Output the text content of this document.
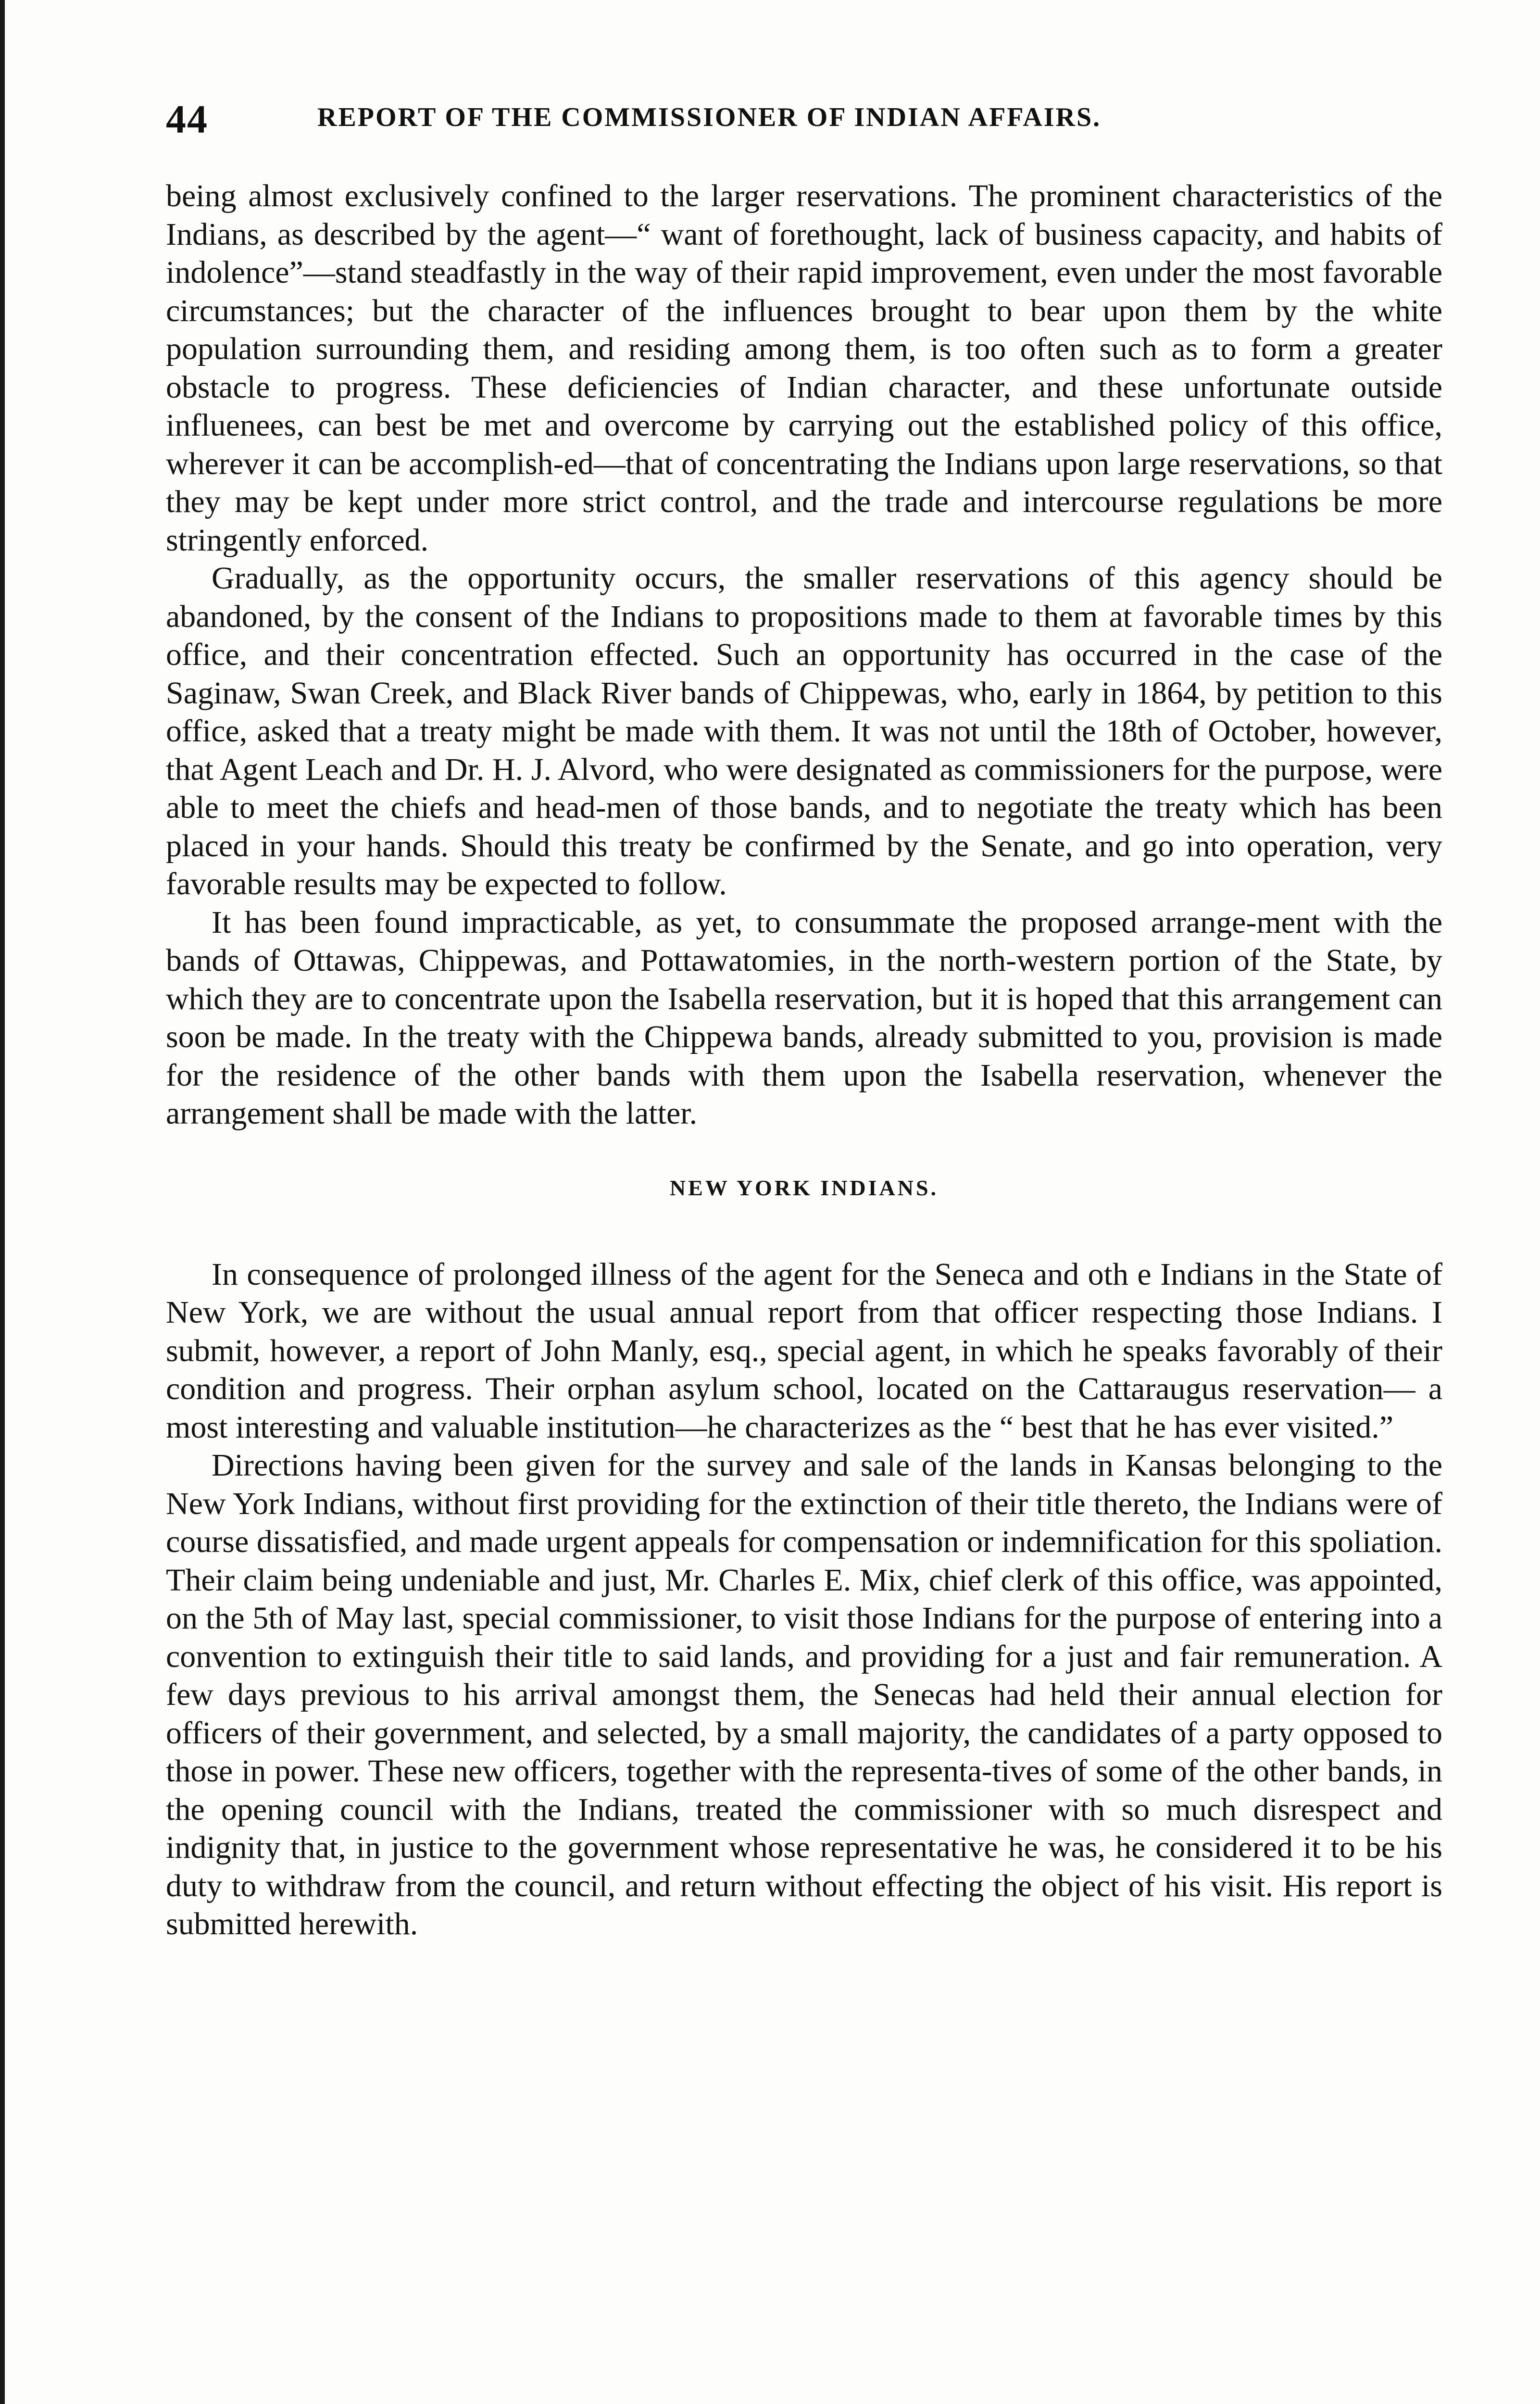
44	REPORT OF THE COMMISSIONER OF INDIAN AFFAIRS.

being almost exclusively confined to the larger reservations. The prominent characteristics of the Indians, as described by the agent—“ want of forethought, lack of business capacity, and habits of indolence”—stand steadfastly in the way of their rapid improvement, even under the most favorable circumstances; but the character of the influences brought to bear upon them by the white population surrounding them, and residing among them, is too often such as to form a greater obstacle to progress. These deficiencies of Indian character, and these unfortunate outside influenees, can best be met and overcome by carrying out the established policy of this office, wherever it can be accomplish-ed—that of concentrating the Indians upon large reservations, so that they may be kept under more strict control, and the trade and intercourse regulations be more stringently enforced.

Gradually, as the opportunity occurs, the smaller reservations of this agency should be abandoned, by the consent of the Indians to propositions made to them at favorable times by this office, and their concentration effected. Such an opportunity has occurred in the case of the Saginaw, Swan Creek, and Black River bands of Chippewas, who, early in 1864, by petition to this office, asked that a treaty might be made with them. It was not until the 18th of October, however, that Agent Leach and Dr. H. J. Alvord, who were designated as commissioners for the purpose, were able to meet the chiefs and head-men of those bands, and to negotiate the treaty which has been placed in your hands. Should this treaty be confirmed by the Senate, and go into operation, very favorable results may be expected to follow.

It has been found impracticable, as yet, to consummate the proposed arrange-ment with the bands of Ottawas, Chippewas, and Pottawatomies, in the north-western portion of the State, by which they are to concentrate upon the Isabella reservation, but it is hoped that this arrangement can soon be made. In the treaty with the Chippewa bands, already submitted to you, provision is made for the residence of the other bands with them upon the Isabella reservation, whenever the arrangement shall be made with the latter.

NEW YORK INDIANS.

In consequence of prolonged illness of the agent for the Seneca and oth e Indians in the State of New York, we are without the usual annual report from that officer respecting those Indians. I submit, however, a report of John Manly, esq., special agent, in which he speaks favorably of their condition and progress. Their orphan asylum school, located on the Cattaraugus reservation— a most interesting and valuable institution—he characterizes as the “ best that he has ever visited.”

Directions having been given for the survey and sale of the lands in Kansas belonging to the New York Indians, without first providing for the extinction of their title thereto, the Indians were of course dissatisfied, and made urgent appeals for compensation or indemnification for this spoliation. Their claim being undeniable and just, Mr. Charles E. Mix, chief clerk of this office, was appointed, on the 5th of May last, special commissioner, to visit those Indians for the purpose of entering into a convention to extinguish their title to said lands, and providing for a just and fair remuneration. A few days previous to his arrival amongst them, the Senecas had held their annual election for officers of their government, and selected, by a small majority, the candidates of a party opposed to those in power. These new officers, together with the representa-tives of some of the other bands, in the opening council with the Indians, treated the commissioner with so much disrespect and indignity that, in justice to the government whose representative he was, he considered it to be his duty to withdraw from the council, and return without effecting the object of his visit. His report is submitted herewith.
